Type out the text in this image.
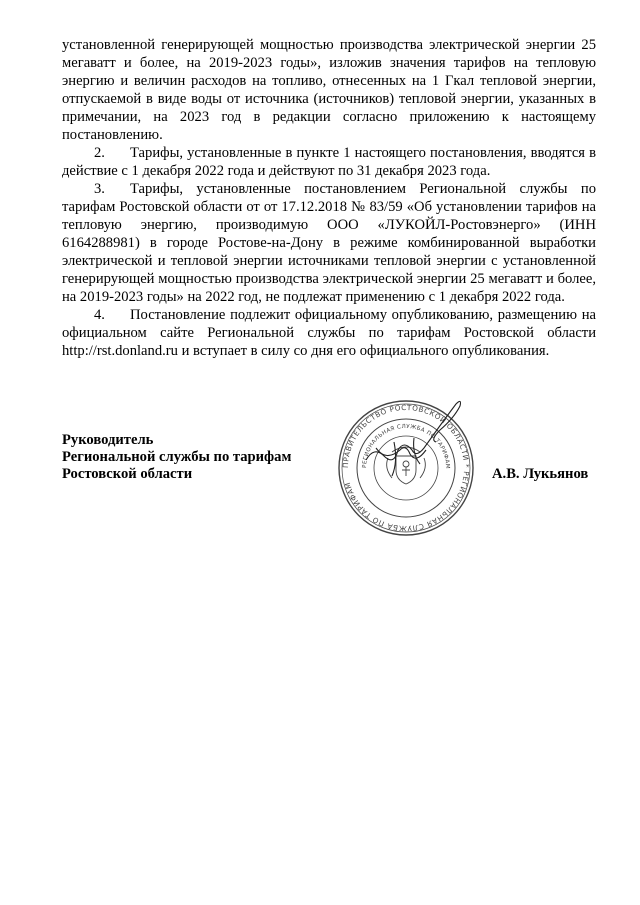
установленной генерирующей мощностью производства электрической энергии 25 мегаватт и более, на 2019-2023 годы», изложив значения тарифов на тепловую энергию и величин расходов на топливо, отнесенных на 1 Гкал тепловой энергии, отпускаемой в виде воды от источника (источников) тепловой энергии, указанных в примечании, на 2023 год в редакции согласно приложению к настоящему постановлению.

2. Тарифы, установленные в пункте 1 настоящего постановления, вводятся в действие с 1 декабря 2022 года и действуют по 31 декабря 2023 года.

3. Тарифы, установленные постановлением Региональной службы по тарифам Ростовской области от от 17.12.2018 № 83/59 «Об установлении тарифов на тепловую энергию, производимую ООО «ЛУКОЙЛ-Ростовэнерго» (ИНН 6164288981) в городе Ростове-на-Дону в режиме комбинированной выработки электрической и тепловой энергии источниками тепловой энергии с установленной генерирующей мощностью производства электрической энергии 25 мегаватт и более, на 2019-2023 годы» на 2022 год, не подлежат применению с 1 декабря 2022 года.

4. Постановление подлежит официальному опубликованию, размещению на официальном сайте Региональной службы по тарифам Ростовской области http://rst.donland.ru и вступает в силу со дня его официального опубликования.

Руководитель
Региональной службы по тарифам
Ростовской области	А.В. Лукьянов
ПРАВИТЕЛЬСТВО РОСТОВСКОЙ ОБЛАСТИ * РЕГИОНАЛЬНАЯ СЛУЖБА ПО ТАРИФАМ
РЕГИОНАЛЬНАЯ СЛУЖБА ПО ТАРИФАМ
